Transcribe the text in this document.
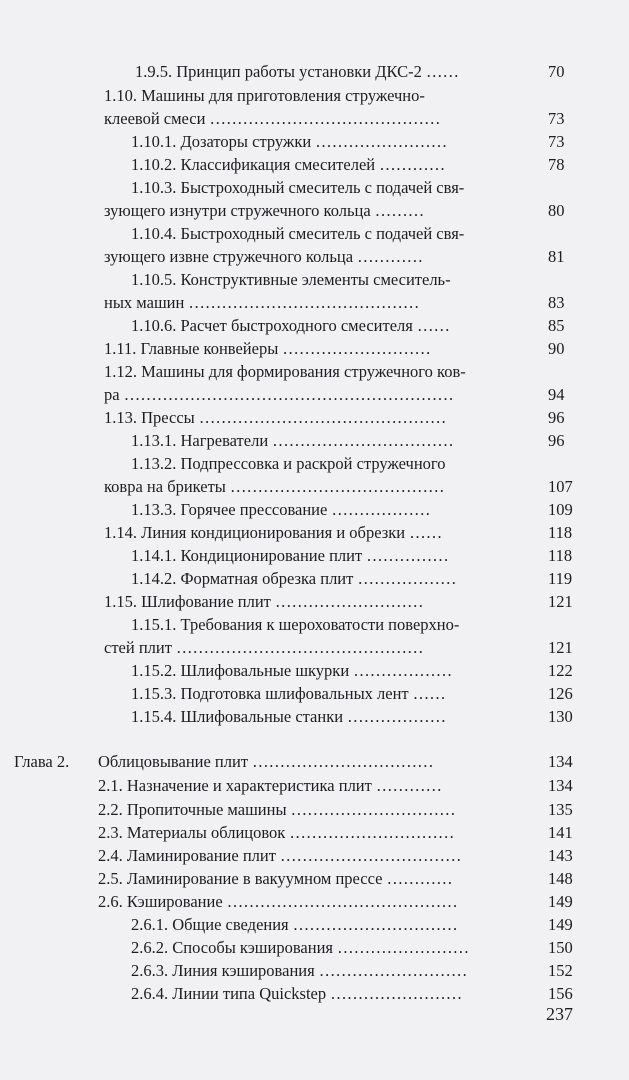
1.9.5. Принцип работы установки ДКС-2 ……	70
1.10. Машины для приготовления стружечно-
клеевой смеси ……………………………………	73
1.10.1. Дозаторы стружки ……………………	73
1.10.2. Классификация смесителей …………	78
1.10.3. Быстроходный смеситель с подачей свя-
зующего изнутри стружечного кольца ………	80
1.10.4. Быстроходный смеситель с подачей свя-
зующего извне стружечного кольца …………	81
1.10.5. Конструктивные элементы смеситель-
ных машин ……………………………………	83
1.10.6. Расчет быстроходного смесителя ……	85
1.11. Главные конвейеры ………………………	90
1.12. Машины для формирования стружечного ков-
ра ……………………………………………………	94
1.13. Прессы ………………………………………	96
1.13.1. Нагреватели ……………………………	96
1.13.2. Подпрессовка и раскрой стружечного
ковра на брикеты …………………………………	107
1.13.3. Горячее прессование ………………	109
1.14. Линия кондиционирования и обрезки ……	118
1.14.1. Кондиционирование плит ……………	118
1.14.2. Форматная обрезка плит ………………	119
1.15. Шлифование плит ………………………	121
1.15.1. Требования к шероховатости поверхно-
стей плит ………………………………………	121
1.15.2. Шлифовальные шкурки ………………	122
1.15.3. Подготовка шлифовальных лент ……	126
1.15.4. Шлифовальные станки ………………	130
Глава 2. Облицовывание плит ……………………………	134
2.1. Назначение и характеристика плит …………	134
2.2. Пропиточные машины …………………………	135
2.3. Материалы облицовок …………………………	141
2.4. Ламинирование плит ……………………………	143
2.5. Ламинирование в вакуумном прессе …………	148
2.6. Кэширование ……………………………………	149
2.6.1. Общие сведения …………………………	149
2.6.2. Способы кэширования ……………………	150
2.6.3. Линия кэширования ………………………	152
2.6.4. Линии типа Quickstep ……………………	156
237
